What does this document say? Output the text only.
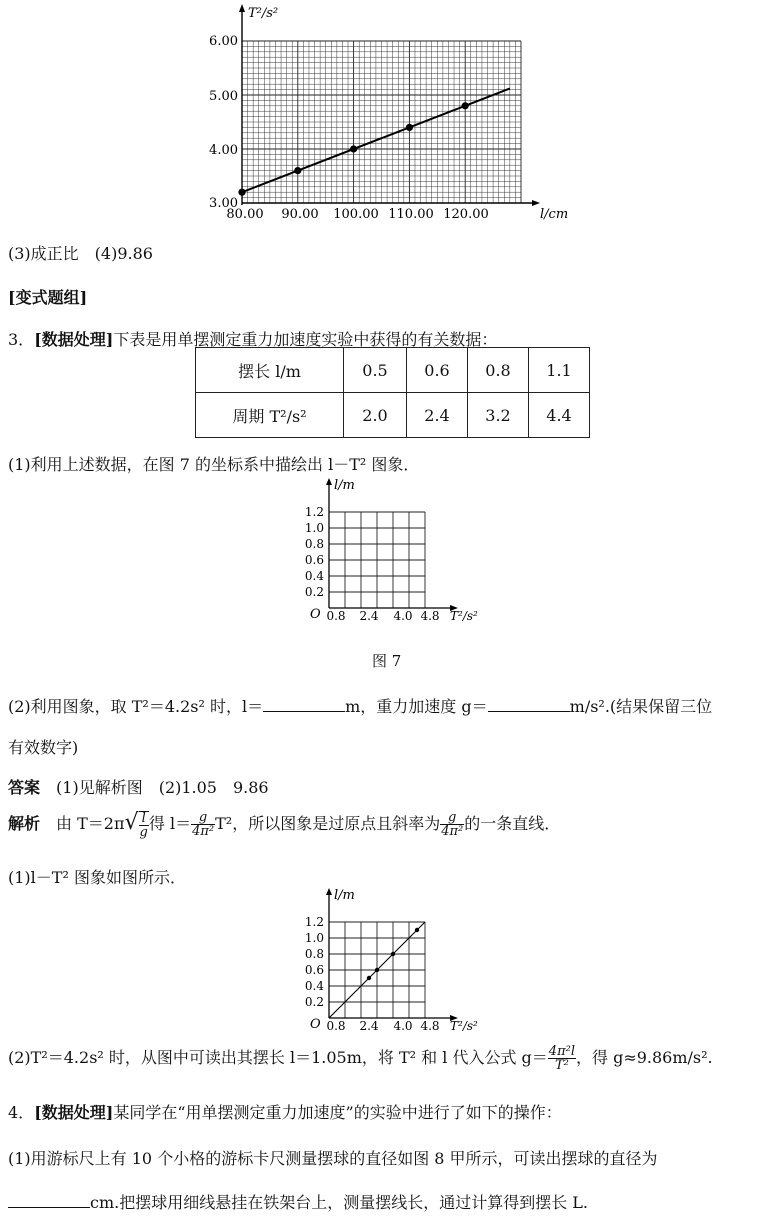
T²/s²
l/cm
6.00
5.00
4.00
3.00
80.00 90.00 100.00 110.00 120.00
(3)成正比　(4)9.86
[变式题组]
3．[数据处理]下表是用单摆测定重力加速度实验中获得的有关数据：
摆长 l/m	0.5	0.6	0.8	1.1
周期 T²/s²	2.0	2.4	3.2	4.4
(1)利用上述数据，在图 7 的坐标系中描绘出 l－T² 图象．
l/m
O	T²/s²
1.2
1.0
0.8
0.6
0.4
0.2
0.8 2.4 4.0 4.8
图 7
(2)利用图象，取 T²＝4.2s² 时，l＝	m，重力加速度 g＝	m/s².(结果保留三位
有效数字)
答案　 (1)见解析图　(2)1.05　9.86
解析　 由 $T=2\pi√ \frac{l}{g}$ 得 $l= \frac{g}{\text{4π²}} T^2$，所以图象是过原点且斜率为 $\frac{g}{\text{4π²}}$ 的一条直线．
(1)l－T² 图象如图所示．
l/m
O	T²/s²
1.2
1.0
0.8
0.6
0.4
0.2
0.8 2.4 4.0 4.8
(2)T²＝4.2s² 时，从图中可读出其摆长 l＝1.05m，将 T² 和 l 代入公式 $g= \frac{\text{4π²l}}{\text{T²}}$ ，得 g≈9.86m/s².
4．[数据处理]某同学在“用单摆测定重力加速度”的实验中进行了如下的操作：
(1)用游标尺上有 10 个小格的游标卡尺测量摆球的直径如图 8 甲所示，可读出摆球的直径为
cm.把摆球用细线悬挂在铁架台上，测量摆线长，通过计算得到摆长 L.
